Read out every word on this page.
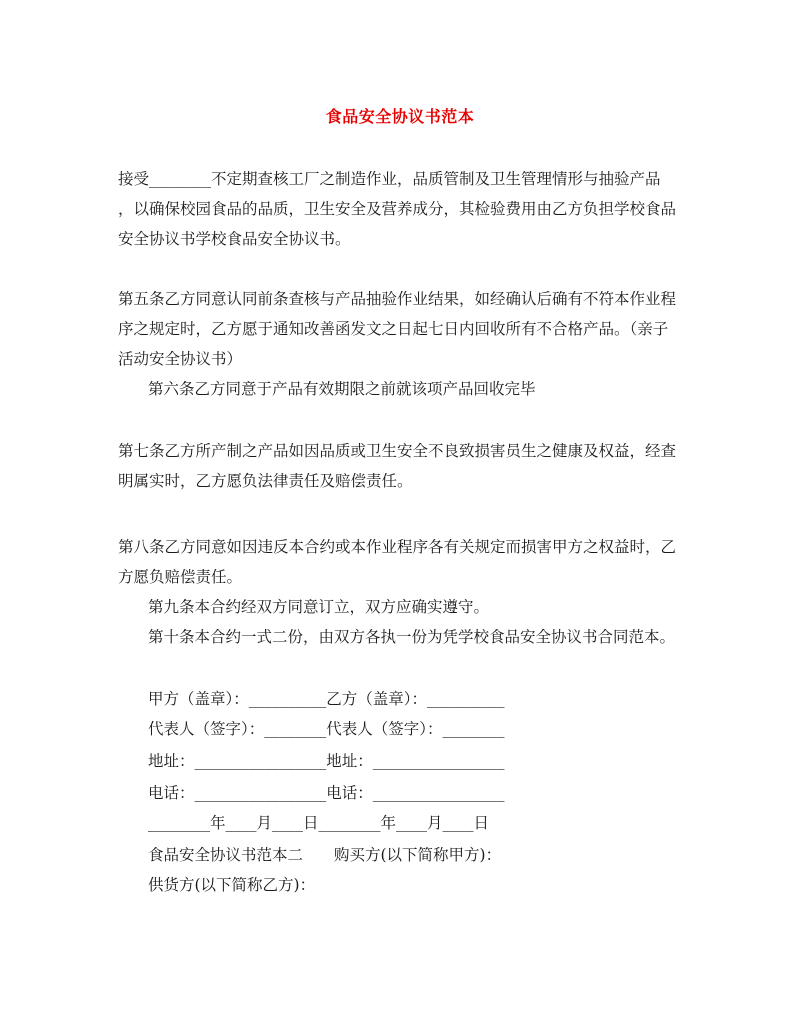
食品安全协议书范本
接受________不定期查核工厂之制造作业，品质管制及卫生管理情形与抽验产品
，以确保校园食品的品质，卫生安全及营养成分，其检验费用由乙方负担学校食品
安全协议书学校食品安全协议书。
第五条乙方同意认同前条查核与产品抽验作业结果，如经确认后确有不符本作业程
序之规定时，乙方愿于通知改善函发文之日起七日内回收所有不合格产品。（亲子
活动安全协议书）
第六条乙方同意于产品有效期限之前就该项产品回收完毕
第七条乙方所产制之产品如因品质或卫生安全不良致损害员生之健康及权益，经查
明属实时，乙方愿负法律责任及赔偿责任。
第八条乙方同意如因违反本合约或本作业程序各有关规定而损害甲方之权益时，乙
方愿负赔偿责任。
第九条本合约经双方同意订立，双方应确实遵守。
第十条本合约一式二份，由双方各执一份为凭学校食品安全协议书合同范本。
甲方（盖章）：__________乙方（盖章）：__________
代表人（签字）：________代表人（签字）：________
地址：_________________地址：_________________
电话：_________________电话：_________________
________年____月____日________年____月____日
食品安全协议书范本二　　购买方(以下简称甲方)：
供货方(以下简称乙方)：
